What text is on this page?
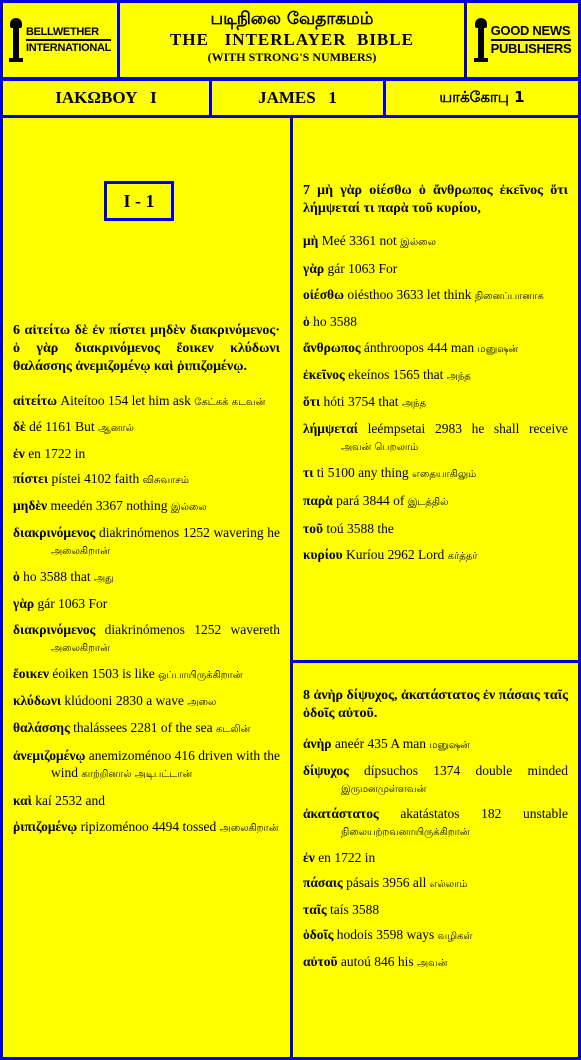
BELLWETHER
INTERNATIONAL
படிநிலை வேதாகமம்
THE   INTERLAYER  BIBLE
(WITH STRONG'S NUMBERS)
GOOD NEWS
PUBLISHERS
ΙΑΚΩΒΟΥ   Ι	JAMES   1	யாக்கோபு 1
I - 1
6 αἰτείτω δὲ ἐν πίστει μηδὲν διακρινόμενος· ὁ γὰρ διακρινόμενος ἔοικεν κλύδωνι θαλάσσης ἀνεμιζομένῳ καὶ ῥιπιζομένῳ.

αἰτείτω Aiteítoo 154 let him ask கேட்கக் கடவன்

δὲ dé 1161 But ஆனால்

ἐν en 1722 in

πίστει pístei 4102 faith விசுவாசம்

μηδὲν meedén 3367 nothing இல்லை

διακρινόμενος diakrinómenos 1252 wavering he அலைகிறான்

ὁ ho 3588 that அது

γὰρ gár 1063 For

διακρινόμενος diakrinómenos 1252 wavereth அலைகிறான்

ἔοικεν éoiken 1503 is like ஒப்பாயிருக்கிறான்

κλύδωνι klúdooni 2830 a wave அலை

θαλάσσης thalássees 2281 of the sea கடலின்

ἀνεμιζομένῳ anemizoménoo 416 driven with the wind காற்றினால் அடிபட்டான்

καὶ kaí 2532 and

ῥιπιζομένῳ ripizoménoo 4494 tossed அலைகிறான்

7 μὴ γὰρ οἰέσθω ὁ ἄνθρωπος ἐκεῖνος ὅτι λήμψεταί τι παρὰ τοῦ κυρίου,

μὴ Meé 3361 not இல்லை

γὰρ gár 1063 For

οἰέσθω oiésthoo 3633 let think நினைப்பானாக

ὁ ho 3588

ἄνθρωπος ánthroopos 444 man மனுஷன்

ἐκεῖνος ekeínos 1565 that அந்த

ὅτι hóti 3754 that அந்த

λήμψεταί leémpsetai 2983 he shall receive அவன் பெறலாம்

τι ti 5100 any thing எதையாகிலும்

παρὰ pará 3844 of இடத்தில்

τοῦ toú 3588 the

κυρίου Kuríou 2962 Lord கர்த்தர்

8 ἀνὴρ δίψυχος, ἀκατάστατος ἐν πάσαις ταῖς ὁδοῖς αὐτοῦ.

ἀνὴρ aneér 435 A man மனுஷன்

δίψυχος dípsuchos 1374 double minded இருமனமுள்ளவன்

ἀκατάστατος akatástatos 182 unstable நிலையற்றவனாயிருக்கிறான்

ἐν en 1722 in

πάσαις pásais 3956 all எல்லாம்

ταῖς taís 3588

ὁδοῖς hodois 3598 ways வழிகள்

αὐτοῦ autoú 846 his அவன்
